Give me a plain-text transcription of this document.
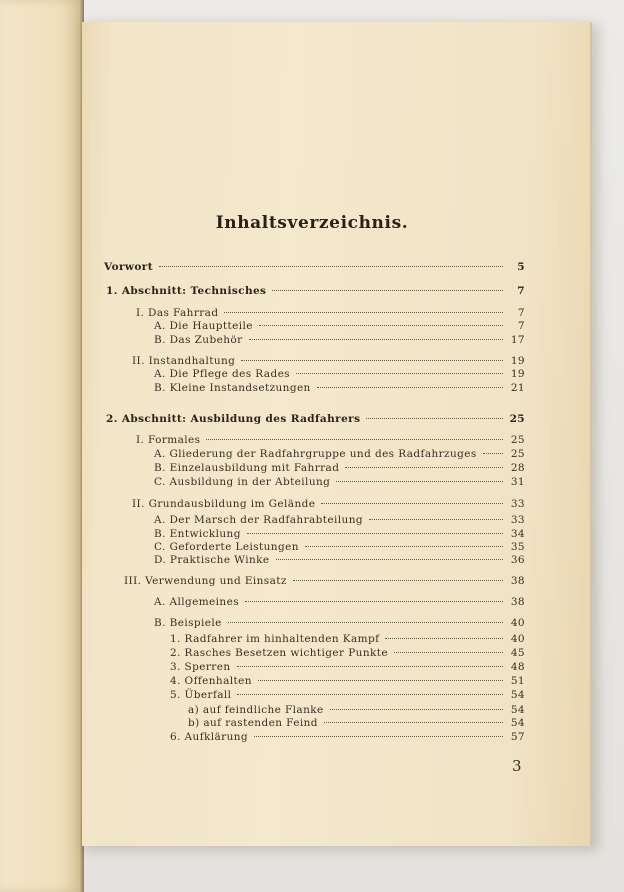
Inhaltsverzeichnis.
Vorwort	5
1. Abschnitt: Technisches	7
I. Das Fahrrad	7
A. Die Hauptteile	7
B. Das Zubehör	17
II. Instandhaltung	19
A. Die Pflege des Rades	19
B. Kleine Instandsetzungen	21
2. Abschnitt: Ausbildung des Radfahrers	25
I. Formales	25
A. Gliederung der Radfahrgruppe und des Radfahrzuges	25
B. Einzelausbildung mit Fahrrad	28
C. Ausbildung in der Abteilung	31
II. Grundausbildung im Gelände	33
A. Der Marsch der Radfahrabteilung	33
B. Entwicklung	34
C. Geforderte Leistungen	35
D. Praktische Winke	36
III. Verwendung und Einsatz	38
A. Allgemeines	38
B. Beispiele	40
1. Radfahrer im hinhaltenden Kampf	40
2. Rasches Besetzen wichtiger Punkte	45
3. Sperren	48
4. Offenhalten	51
5. Überfall	54
a) auf feindliche Flanke	54
b) auf rastenden Feind	54
6. Aufklärung	57
3
